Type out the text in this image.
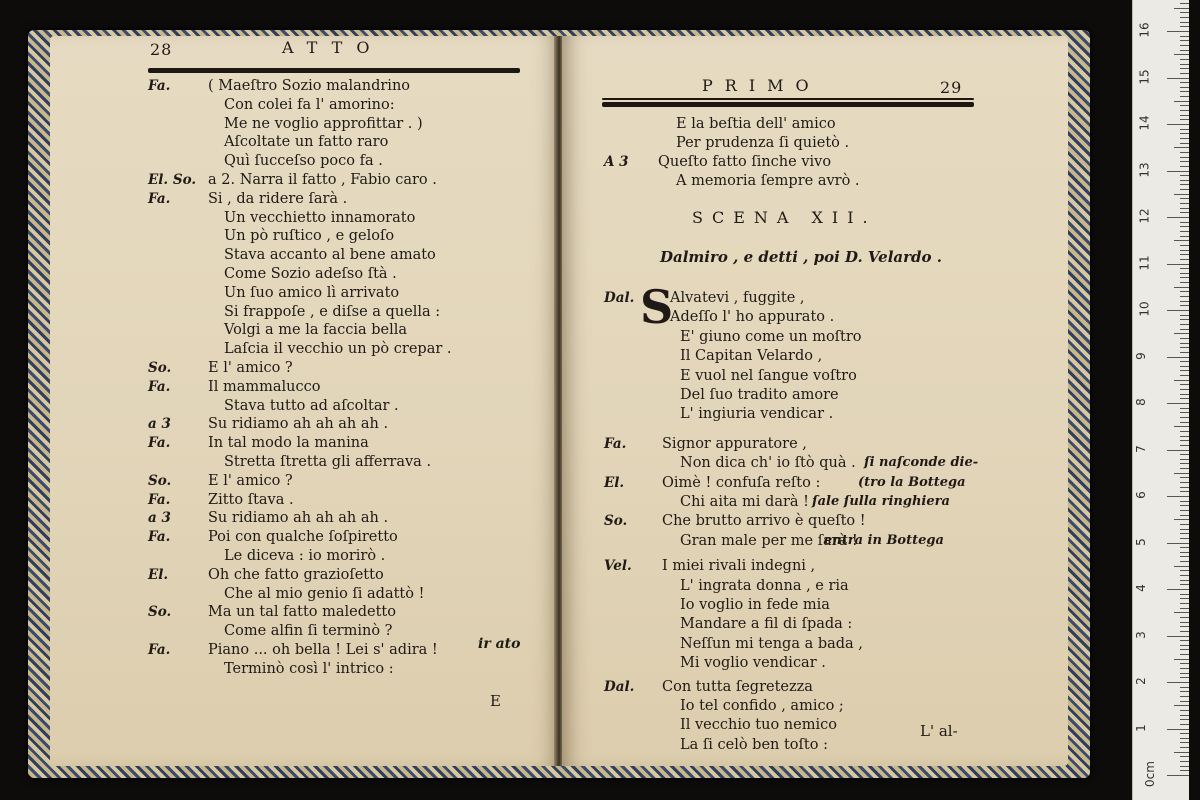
28	ATTO
Fa.	( Maeſtro Sozio malandrino
Con colei fa l' amorino:
Me ne voglio approfittar . )
Aſcoltate un fatto raro
Quì ſucceſso poco fa .
El. So. a 2. Narra il fatto , Fabio caro .
Fa.	Si , da ridere ſarà .
Un vecchietto innamorato
Un pò ruſtico , e geloſo
Stava accanto al bene amato
Come Sozio adeſso ſtà .
Un ſuo amico lì arrivato
Si frappoſe , e diſse a quella :
Volgi a me la faccia bella
Laſcia il vecchio un pò crepar .
So.	E l' amico ?
Fa.	Il mammalucco
Stava tutto ad aſcoltar .
a 3	Su ridiamo ah ah ah ah .
Fa.	In tal modo la manina
Stretta ſtretta gli afferrava .
So.	E l' amico ?
Fa.	Zitto ſtava .
a 3	Su ridiamo ah ah ah ah .
Fa.	Poi con qualche ſoſpiretto
Le diceva : io morirò .
El.	Oh che fatto grazioſetto
Che al mio genio ſi adattò !
So.	Ma un tal fatto maledetto
Come alfin ſi terminò ?
Fa.	Piano ... oh bella ! Lei s' adira !
Terminò così l' intrico :
ir ato
E
PRIMO	29
E la beſtia dell' amico
Per prudenza ſi quietò .
A 3 Queſto fatto ſinche vivo
A memoria ſempre avrò .
SCENA XII.
Dalmiro , e detti , poi D. Velardo .
S
Dal. Alvatevi , fuggite ,
Adeſſo l' ho appurato .
E' giuno come un moſtro
Il Capitan Velardo ,
E vuol nel ſangue voſtro
Del ſuo tradito amore
L' ingiuria vendicar .
Fa. Signor appuratore ,
Non dica ch' io ſtò quà . ſi naſconde die-
El.	Oimè ! confuſa reſto :	(tro la Bottega
Chi aita mi darà ! ſale ſulla ringhiera
So. Che brutto arrivo è queſto !
Gran male per me ſarà !
entra in Bottega
Vel. I miei rivali indegni ,
L' ingrata donna , e ria
Io voglio in fede mia
Mandare a fil di ſpada :
Neſſun mi tenga a bada ,
Mi voglio vendicar .
Dal. Con tutta ſegretezza
Io tel confido , amico ;
Il vecchio tuo nemico
La ſi celò ben toſto :
L' al-
0cm
1
2
3
4
5
6
7
8
9
10
11
12
13
14
15
16
